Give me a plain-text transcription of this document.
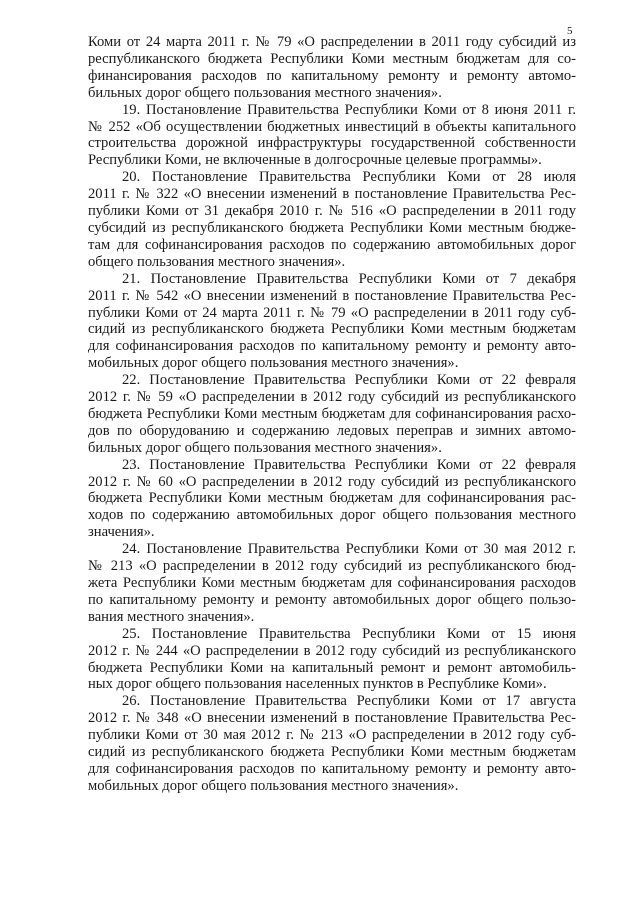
5
Коми от 24 марта 2011 г. № 79 «О распределении в 2011 году субсидий из
республиканского бюджета Республики Коми местным бюджетам для со-
финансирования расходов по капитальному ремонту и ремонту автомо-
бильных дорог общего пользования местного значения».
19. Постановление Правительства Республики Коми от 8 июня 2011 г.
№ 252 «Об осуществлении бюджетных инвестиций в объекты капитального
строительства дорожной инфраструктуры государственной собственности
Республики Коми, не включенные в долгосрочные целевые программы».
20. Постановление Правительства Республики Коми от 28 июля
2011 г. № 322 «О внесении изменений в постановление Правительства Рес-
публики Коми от 31 декабря 2010 г. № 516 «О распределении в 2011 году
субсидий из республиканского бюджета Республики Коми местным бюдже-
там для софинансирования расходов по содержанию автомобильных дорог
общего пользования местного значения».
21. Постановление Правительства Республики Коми от 7 декабря
2011 г. № 542 «О внесении изменений в постановление Правительства Рес-
публики Коми от 24 марта 2011 г. № 79 «О распределении в 2011 году суб-
сидий из республиканского бюджета Республики Коми местным бюджетам
для софинансирования расходов по капитальному ремонту и ремонту авто-
мобильных дорог общего пользования местного значения».
22. Постановление Правительства Республики Коми от 22 февраля
2012 г. № 59 «О распределении в 2012 году субсидий из республиканского
бюджета Республики Коми местным бюджетам для софинансирования расхо-
дов по оборудованию и содержанию ледовых переправ и зимних автомо-
бильных дорог общего пользования местного значения».
23. Постановление Правительства Республики Коми от 22 февраля
2012 г. № 60 «О распределении в 2012 году субсидий из республиканского
бюджета Республики Коми местным бюджетам для софинансирования рас-
ходов по содержанию автомобильных дорог общего пользования местного
значения».
24. Постановление Правительства Республики Коми от 30 мая 2012 г.
№ 213 «О распределении в 2012 году субсидий из республиканского бюд-
жета Республики Коми местным бюджетам для софинансирования расходов
по капитальному ремонту и ремонту автомобильных дорог общего пользо-
вания местного значения».
25. Постановление Правительства Республики Коми от 15 июня
2012 г. № 244 «О распределении в 2012 году субсидий из республиканского
бюджета Республики Коми на капитальный ремонт и ремонт автомобиль-
ных дорог общего пользования населенных пунктов в Республике Коми».
26. Постановление Правительства Республики Коми от 17 августа
2012 г. № 348 «О внесении изменений в постановление Правительства Рес-
публики Коми от 30 мая 2012 г. № 213 «О распределении в 2012 году суб-
сидий из республиканского бюджета Республики Коми местным бюджетам
для софинансирования расходов по капитальному ремонту и ремонту авто-
мобильных дорог общего пользования местного значения».
